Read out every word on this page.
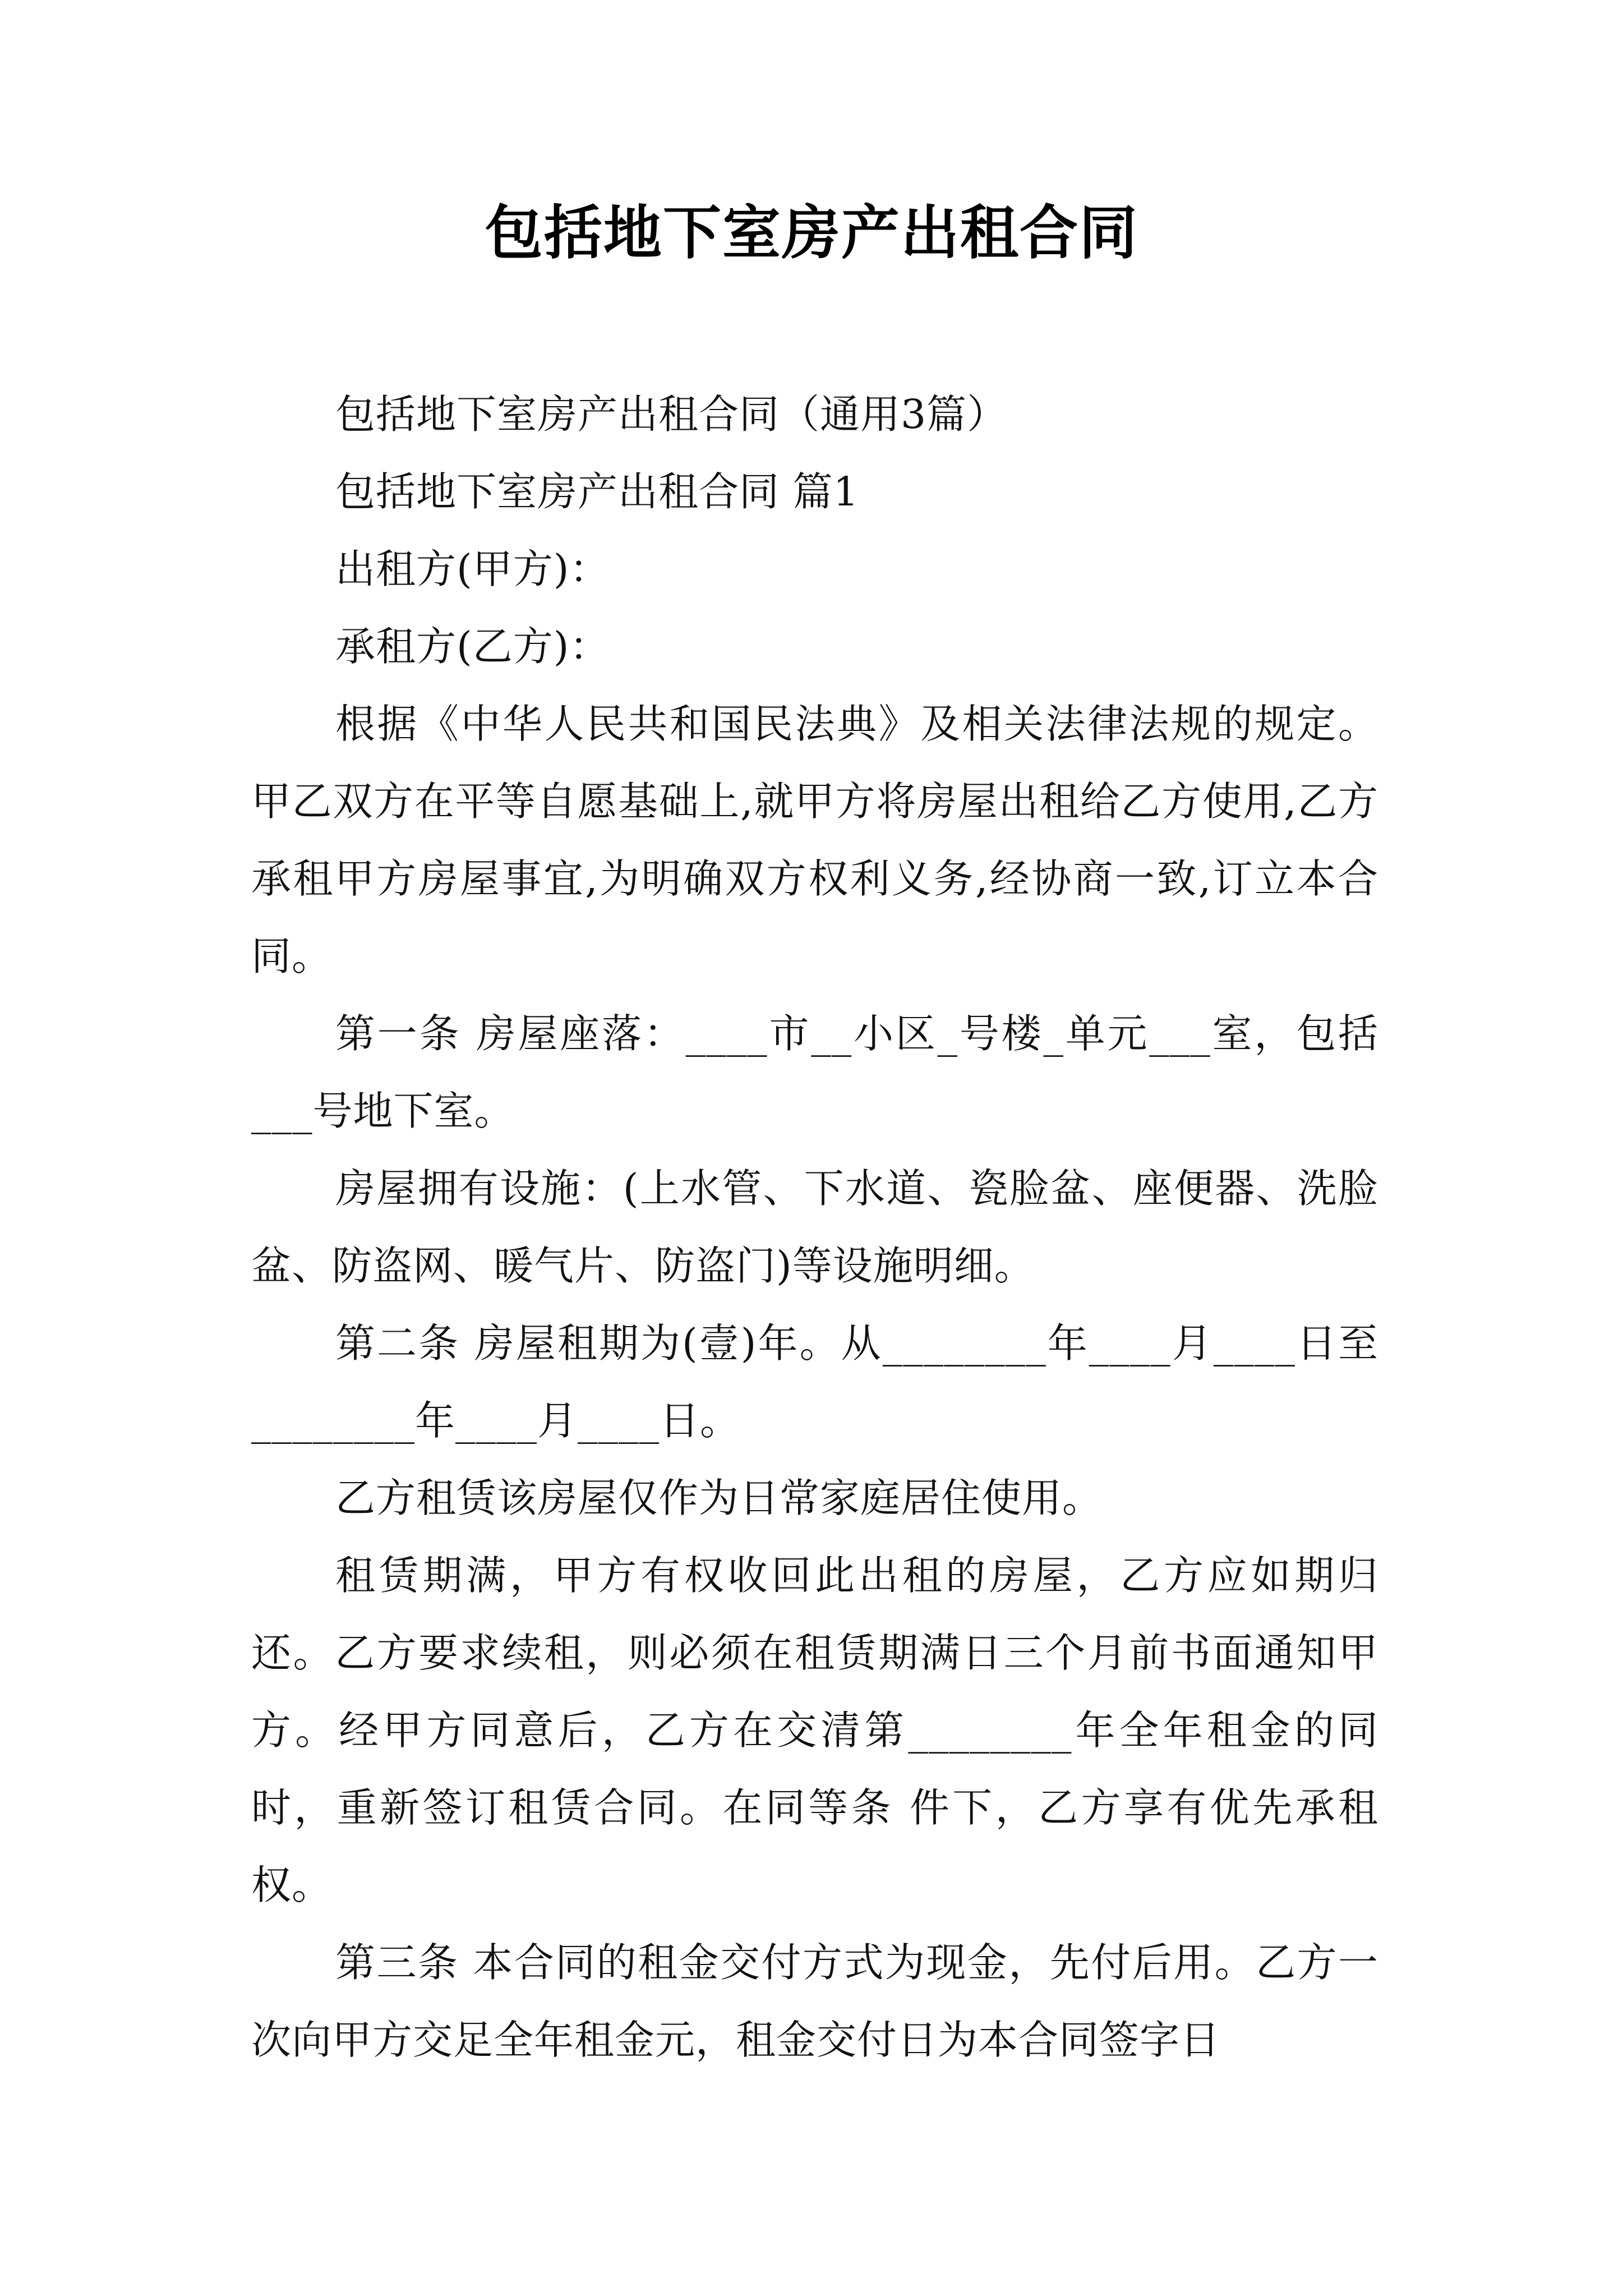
包括地下室房产出租合同

包括地下室房产出租合同（通用3篇）

包括地下室房产出租合同 篇1

出租方(甲方)：

承租方(乙方)：

根据《中华人民共和国民法典》及相关法律法规的规定。甲乙双方在平等自愿基础上,就甲方将房屋出租给乙方使用,乙方承租甲方房屋事宜,为明确双方权利义务,经协商一致,订立本合同。

第一条 房屋座落：____市__小区_号楼_单元___室，包括___号地下室。

房屋拥有设施：(上水管、下水道、瓷脸盆、座便器、洗脸盆、防盗网、暖气片、防盗门)等设施明细。

第二条 房屋租期为(壹)年。从________年____月____日至________年____月____日。

乙方租赁该房屋仅作为日常家庭居住使用。

租赁期满，甲方有权收回此出租的房屋，乙方应如期归还。乙方要求续租，则必须在租赁期满日三个月前书面通知甲方。经甲方同意后，乙方在交清第________年全年租金的同时，重新签订租赁合同。在同等条 件下，乙方享有优先承租权。

第三条 本合同的租金交付方式为现金，先付后用。乙方一次向甲方交足全年租金元，租金交付日为本合同签字日
